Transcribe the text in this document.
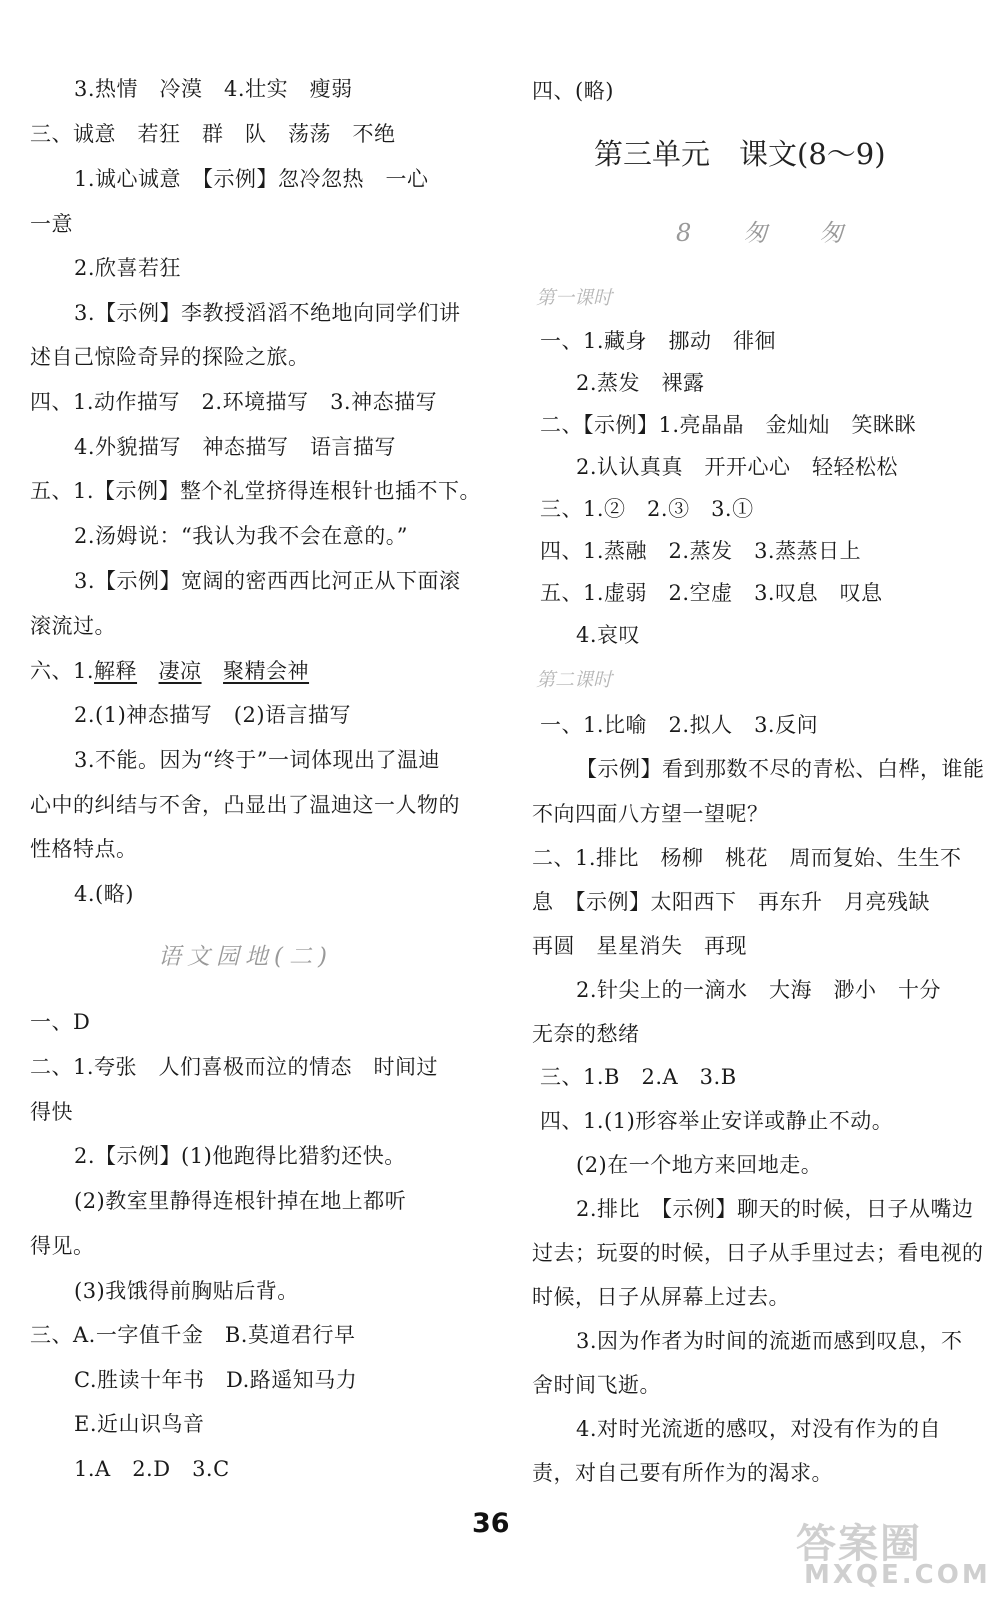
3.热情　冷漠　4.壮实　瘦弱
三、诚意　若狂　群　队　荡荡　不绝
1.诚心诚意　【示例】忽冷忽热　一心
一意
2.欣喜若狂
3.【示例】李教授滔滔不绝地向同学们讲
述自己惊险奇异的探险之旅。
四、1.动作描写　2.环境描写　3.神态描写
4.外貌描写　神态描写　语言描写
五、1.【示例】整个礼堂挤得连根针也插不下。
2.汤姆说：“我认为我不会在意的。”
3.【示例】宽阔的密西西比河正从下面滚
滚流过。
六、1.解释　 凄凉　 聚精会神
2.(1)神态描写　(2)语言描写
3.不能。因为“终于”一词体现出了温迪
心中的纠结与不舍，凸显出了温迪这一人物的
性格特点。
4.(略)
语文园地(二)
一、D
二、1.夸张　人们喜极而泣的情态　时间过
得快
2.【示例】(1)他跑得比猎豹还快。
(2)教室里静得连根针掉在地上都听
得见。
(3)我饿得前胸贴后背。
三、A.一字值千金　B.莫道君行早
C.胜读十年书　D.路遥知马力
E.近山识鸟音
1.A　2.D　3.C
四、(略)
第三单元　课文(8～9)
8　匆　匆
第一课时
一、1.藏身　挪动　徘徊
2.蒸发　裸露
二、【示例】1.亮晶晶　金灿灿　笑眯眯
2.认认真真　开开心心　轻轻松松
三、1.②　2.③　3.①
四、1.蒸融　2.蒸发　3.蒸蒸日上
五、1.虚弱　2.空虚　3.叹息　叹息
4.哀叹
第二课时
一、1.比喻　2.拟人　3.反问
【示例】看到那数不尽的青松、白桦，谁能
不向四面八方望一望呢？
二、1.排比　杨柳　桃花　周而复始、生生不
息　【示例】太阳西下　再东升　月亮残缺
再圆　星星消失　再现
2.针尖上的一滴水　大海　渺小　十分
无奈的愁绪
三、1.B　2.A　3.B
四、1.(1)形容举止安详或静止不动。
(2)在一个地方来回地走。
2.排比　【示例】聊天的时候，日子从嘴边
过去；玩耍的时候，日子从手里过去；看电视的
时候，日子从屏幕上过去。
3.因为作者为时间的流逝而感到叹息，不
舍时间飞逝。
4.对时光流逝的感叹，对没有作为的自
责，对自己要有所作为的渴求。
36	答案圈
MXQE.COM
